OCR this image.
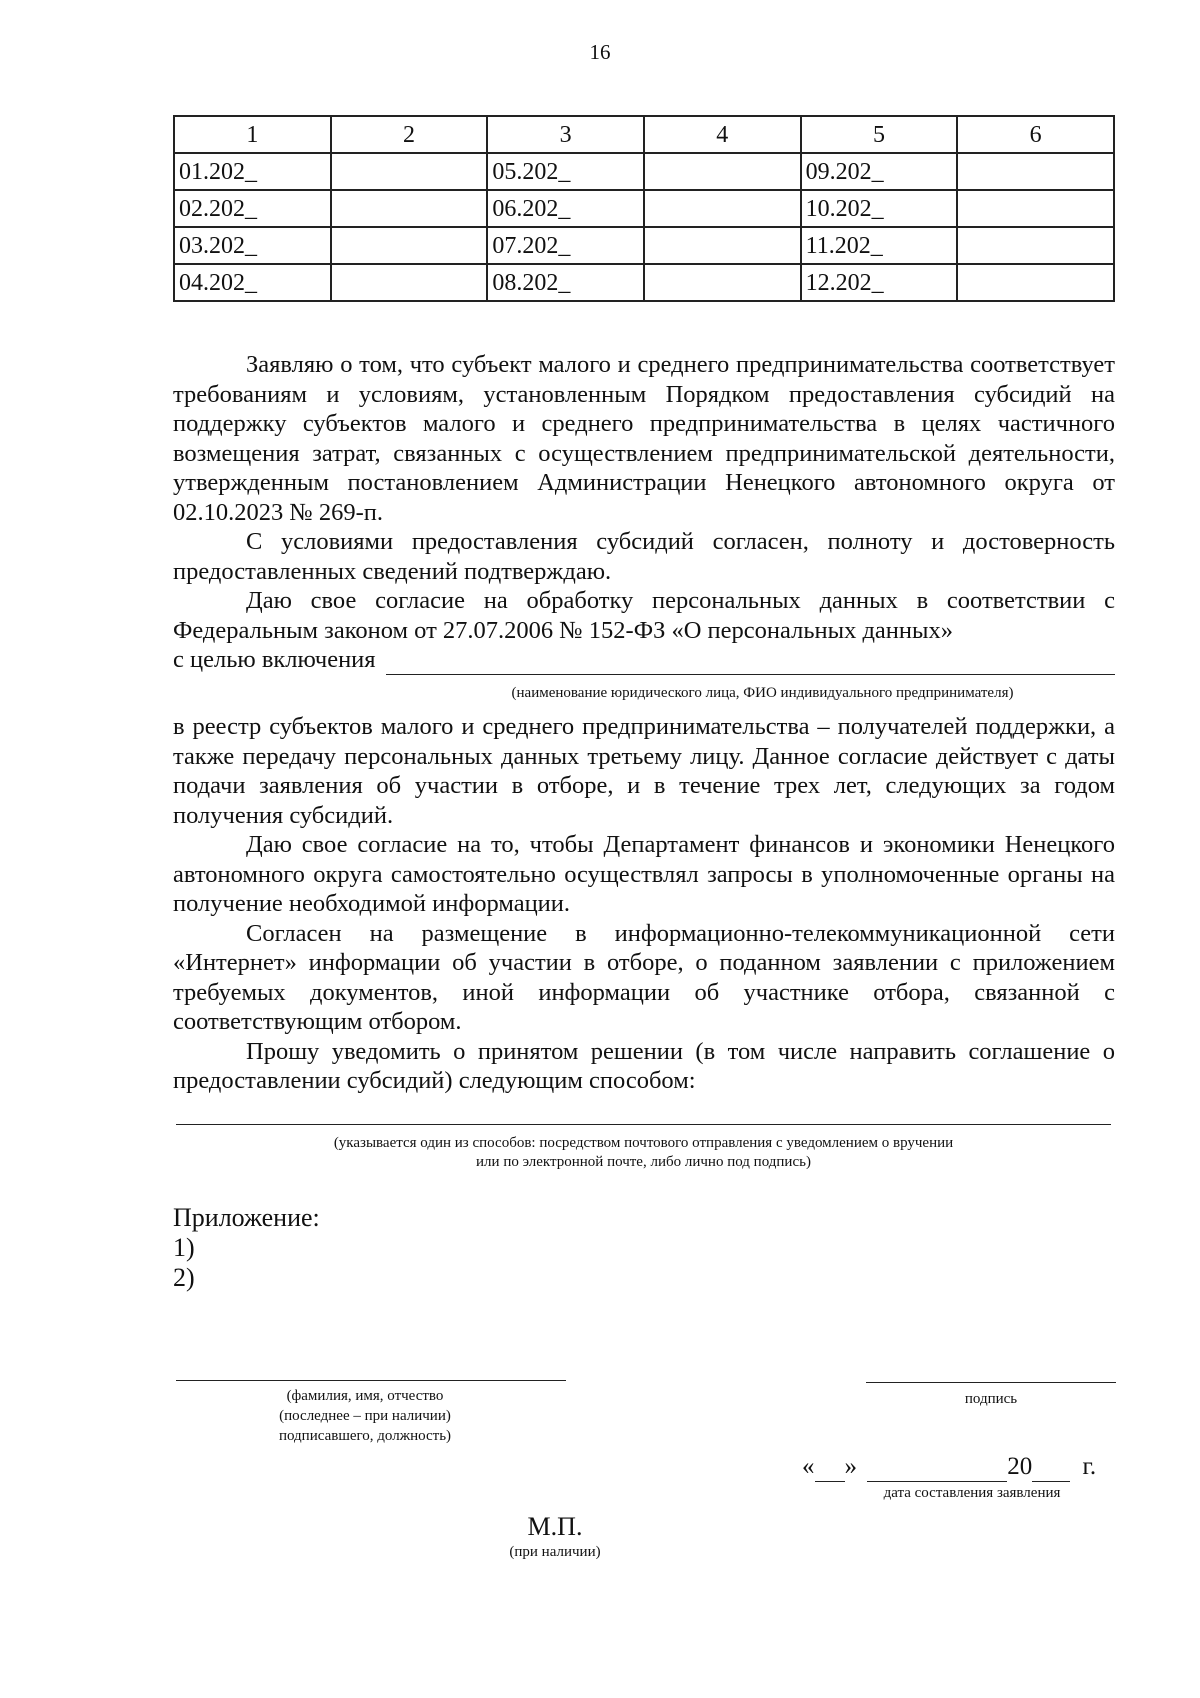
16
1	2	3	4	5	6
01.202_		05.202_		09.202_	
02.202_		06.202_		10.202_	
03.202_		07.202_		11.202_	
04.202_		08.202_		12.202_	

Заявляю о том, что субъект малого и среднего предпринимательства соответствует требованиям и условиям, установленным Порядком предоставления субсидий на поддержку субъектов малого и среднего предпринимательства в целях частичного возмещения затрат, связанных с осуществлением предпринимательской деятельности, утвержденным постановлением Администрации Ненецкого автономного округа от 02.10.2023 № 269-п.

С условиями предоставления субсидий согласен, полноту и достоверность предоставленных сведений подтверждаю.

Даю свое согласие на обработку персональных данных в соответствии с Федеральным законом от 27.07.2006 № 152-ФЗ «О персональных данных»

с целью включения
(наименование юридического лица, ФИО индивидуального предпринимателя)

в реестр субъектов малого и среднего предпринимательства – получателей поддержки, а также передачу персональных данных третьему лицу. Данное согласие действует с даты подачи заявления об участии в отборе, и в течение трех лет, следующих за годом получения субсидий.

Даю свое согласие на то, чтобы Департамент финансов и экономики Ненецкого автономного округа самостоятельно осуществлял запросы в уполномоченные органы на получение необходимой информации.

Согласен на размещение в информационно-телекоммуникационной сети «Интернет» информации об участии в отборе, о поданном заявлении с приложением требуемых документов, иной информации об участнике отбора, связанной с соответствующим отбором.

Прошу уведомить о принятом решении (в том числе направить соглашение о предоставлении субсидий) следующим способом:

(указывается один из способов: посредством почтового отправления с уведомлением о вручении
или по электронной почте, либо лично под подпись)
Приложение:
1)
2)
(фамилия, имя, отчество
(последнее – при наличии)
подписавшего, должность)
подпись
« »	20 г.
дата составления заявления
М.П.
(при наличии)
